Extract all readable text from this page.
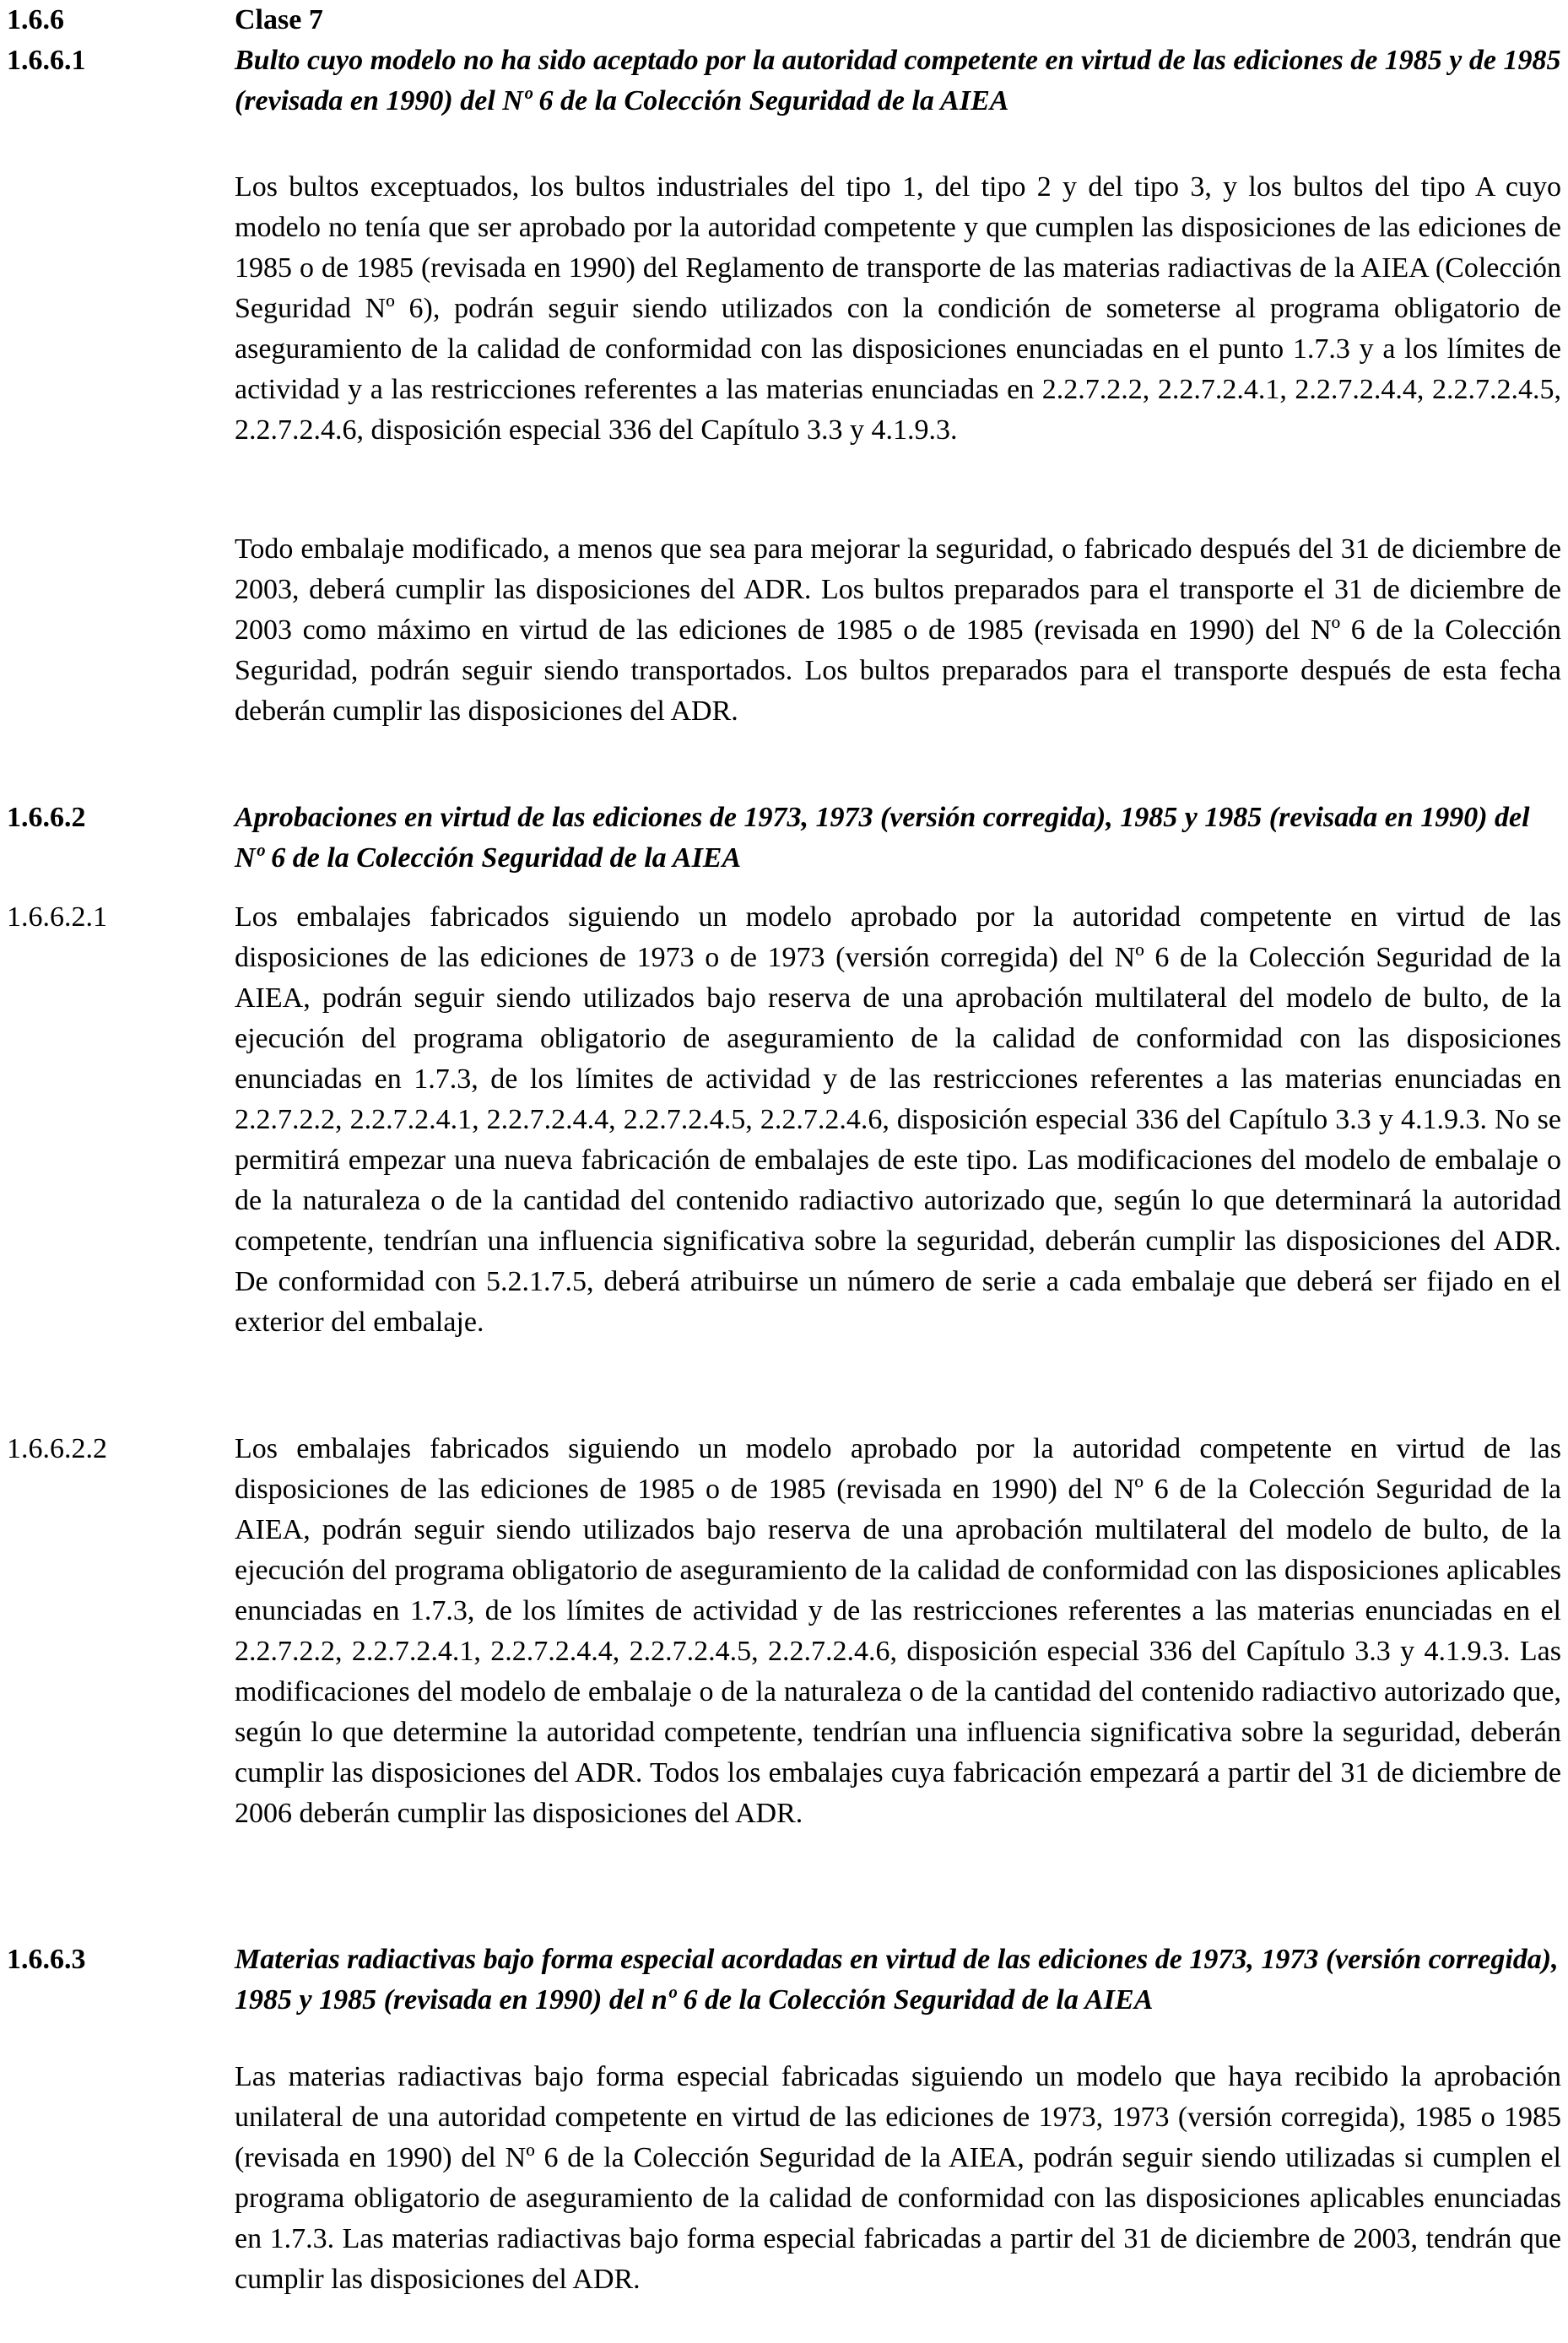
1.6.6	Clase 7
1.6.6.1	Bulto cuyo modelo no ha sido aceptado por la autoridad competente en virtud de las ediciones de 1985 y de 1985 (revisada en 1990) del Nº 6 de la Colección Seguridad de la AIEA

Los bultos exceptuados, los bultos industriales del tipo 1, del tipo 2 y del tipo 3, y los bultos del tipo A cuyo modelo no tenía que ser aprobado por la autoridad competente y que cumplen las disposiciones de las ediciones de 1985 o de 1985 (revisada en 1990) del Reglamento de transporte de las materias radiactivas de la AIEA (Colección Seguridad Nº 6), podrán seguir siendo utilizados con la condición de someterse al programa obligatorio de aseguramiento de la calidad de conformidad con las disposiciones enunciadas en el punto 1.7.3 y a los límites de actividad y a las restricciones referentes a las materias enunciadas en 2.2.7.2.2, 2.2.7.2.4.1, 2.2.7.2.4.4, 2.2.7.2.4.5, 2.2.7.2.4.6, disposición especial 336 del Capítulo 3.3 y 4.1.9.3.

Todo embalaje modificado, a menos que sea para mejorar la seguridad, o fabricado después del 31 de diciembre de 2003, deberá cumplir las disposiciones del ADR. Los bultos preparados para el transporte el 31 de diciembre de 2003 como máximo en virtud de las ediciones de 1985 o de 1985 (revisada en 1990) del Nº 6 de la Colección Seguridad, podrán seguir siendo transportados. Los bultos preparados para el transporte después de esta fecha deberán cumplir las disposiciones del ADR.

1.6.6.2	Aprobaciones en virtud de las ediciones de 1973, 1973 (versión corregida), 1985 y 1985 (revisada en 1990) del Nº 6 de la Colección Seguridad de la AIEA
1.6.6.2.1	Los embalajes fabricados siguiendo un modelo aprobado por la autoridad competente en virtud de las disposiciones de las ediciones de 1973 o de 1973 (versión corregida) del Nº 6 de la Colección Seguridad de la AIEA, podrán seguir siendo utilizados bajo reserva de una aprobación multilateral del modelo de bulto, de la ejecución del programa obligatorio de aseguramiento de la calidad de conformidad con las disposiciones enunciadas en 1.7.3, de los límites de actividad y de las restricciones referentes a las materias enunciadas en 2.2.7.2.2, 2.2.7.2.4.1, 2.2.7.2.4.4, 2.2.7.2.4.5, 2.2.7.2.4.6, disposición especial 336 del Capítulo 3.3 y 4.1.9.3. No se permitirá empezar una nueva fabricación de embalajes de este tipo. Las modificaciones del modelo de embalaje o de la naturaleza o de la cantidad del contenido radiactivo autorizado que, según lo que determinará la autoridad competente, tendrían una influencia significativa sobre la seguridad, deberán cumplir las disposiciones del ADR. De conformidad con 5.2.1.7.5, deberá atribuirse un número de serie a cada embalaje que deberá ser fijado en el exterior del embalaje.

1.6.6.2.2	Los embalajes fabricados siguiendo un modelo aprobado por la autoridad competente en virtud de las disposiciones de las ediciones de 1985 o de 1985 (revisada en 1990) del Nº 6 de la Colección Seguridad de la AIEA, podrán seguir siendo utilizados bajo reserva de una aprobación multilateral del modelo de bulto, de la ejecución del programa obligatorio de aseguramiento de la calidad de conformidad con las disposiciones aplicables enunciadas en 1.7.3, de los límites de actividad y de las restricciones referentes a las materias enunciadas en el 2.2.7.2.2, 2.2.7.2.4.1, 2.2.7.2.4.4, 2.2.7.2.4.5, 2.2.7.2.4.6, disposición especial 336 del Capítulo 3.3 y 4.1.9.3. Las modificaciones del modelo de embalaje o de la naturaleza o de la cantidad del contenido radiactivo autorizado que, según lo que determine la autoridad competente, tendrían una influencia significativa sobre la seguridad, deberán cumplir las disposiciones del ADR. Todos los embalajes cuya fabricación empezará a partir del 31 de diciembre de 2006 deberán cumplir las disposiciones del ADR.

1.6.6.3	Materias radiactivas bajo forma especial acordadas en virtud de las ediciones de 1973, 1973 (versión corregida), 1985 y 1985 (revisada en 1990) del nº 6 de la Colección Seguridad de la AIEA

Las materias radiactivas bajo forma especial fabricadas siguiendo un modelo que haya recibido la aprobación unilateral de una autoridad competente en virtud de las ediciones de 1973, 1973 (versión corregida), 1985 o 1985 (revisada en 1990) del Nº 6 de la Colección Seguridad de la AIEA, podrán seguir siendo utilizadas si cumplen el programa obligatorio de aseguramiento de la calidad de conformidad con las disposiciones aplicables enunciadas en 1.7.3. Las materias radiactivas bajo forma especial fabricadas a partir del 31 de diciembre de 2003, tendrán que cumplir las disposiciones del ADR.
